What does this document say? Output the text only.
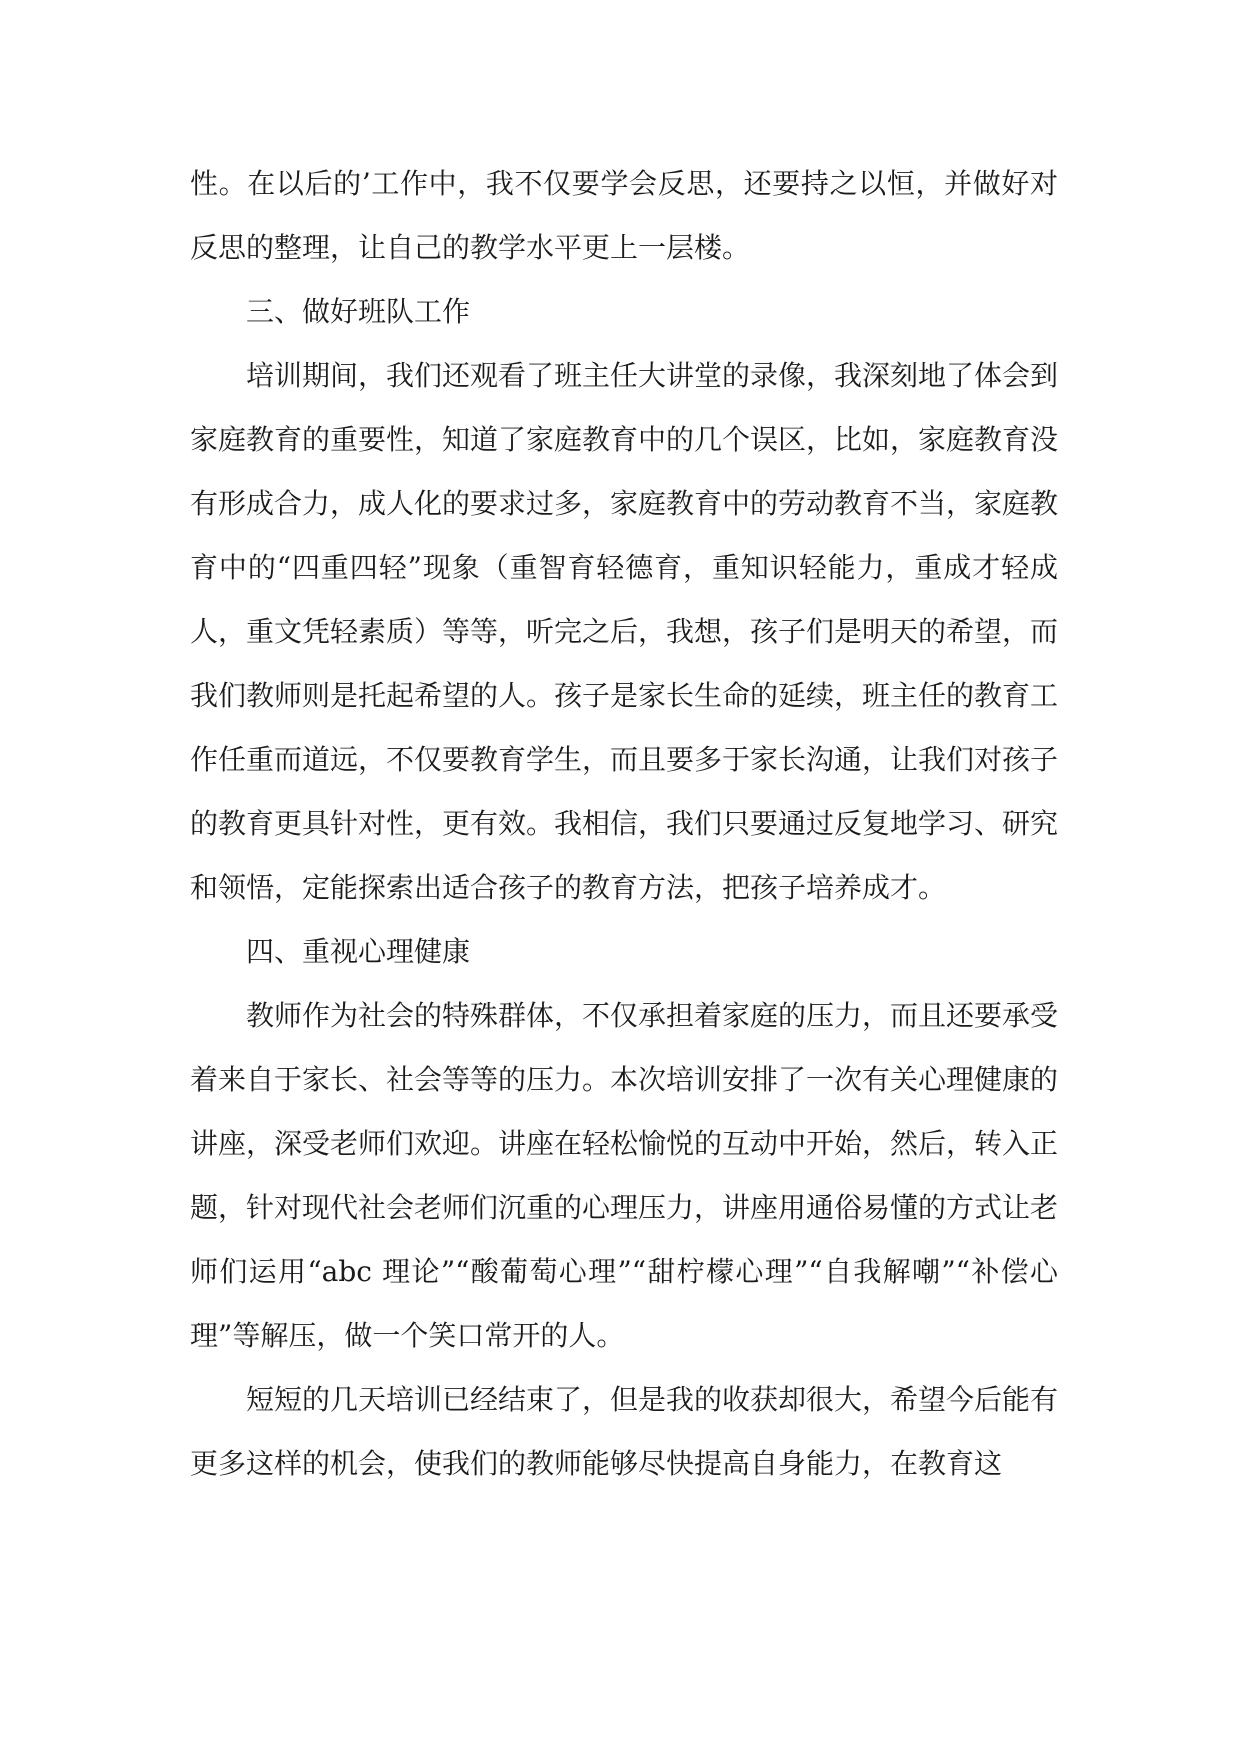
性。在以后的’工作中，我不仅要学会反思，还要持之以恒，并做好对反思的整理，让自己的教学水平更上一层楼。

三、做好班队工作

培训期间，我们还观看了班主任大讲堂的录像，我深刻地了体会到家庭教育的重要性，知道了家庭教育中的几个误区，比如，家庭教育没有形成合力，成人化的要求过多，家庭教育中的劳动教育不当，家庭教育中的“四重四轻”现象（重智育轻德育，重知识轻能力，重成才轻成人，重文凭轻素质）等等，听完之后，我想，孩子们是明天的希望，而我们教师则是托起希望的人。孩子是家长生命的延续，班主任的教育工作任重而道远，不仅要教育学生，而且要多于家长沟通，让我们对孩子的教育更具针对性，更有效。我相信，我们只要通过反复地学习、研究和领悟，定能探索出适合孩子的教育方法，把孩子培养成才。

四、重视心理健康

教师作为社会的特殊群体，不仅承担着家庭的压力，而且还要承受着来自于家长、社会等等的压力。本次培训安排了一次有关心理健康的讲座，深受老师们欢迎。讲座在轻松愉悦的互动中开始，然后，转入正题，针对现代社会老师们沉重的心理压力，讲座用通俗易懂的方式让老师们运用“abc 理论”“酸葡萄心理”“甜柠檬心理”“自我解嘲”“补偿心理”等解压，做一个笑口常开的人。

短短的几天培训已经结束了，但是我的收获却很大，希望今后能有更多这样的机会，使我们的教师能够尽快提高自身能力，在教育这
